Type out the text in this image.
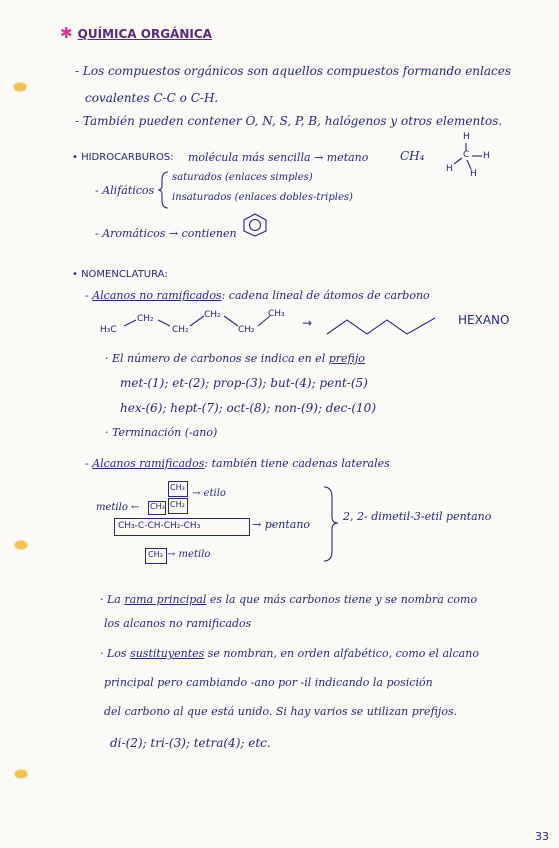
✱ QUÍMICA ORGÁNICA
- Los compuestos orgánicos son aquellos compuestos formando enlaces
covalentes C-C o C-H.
- También pueden contener O, N, S, P, B, halógenos y otros elementos.
• HIDROCARBUROS: molécula más sencilla → metano	CH₄
H
C H
H H
- Alifáticos
saturados (enlaces simples)
insaturados (enlaces dobles-triples)
- Aromáticos → contienen
• NOMENCLATURA:
- Alcanos no ramificados: cadena lineal de átomos de carbono
H₃C
CH₂
CH₂
CH₂
CH₂
CH₃
→	HEXANO
· El número de carbonos se indica en el prefijo
met-(1); et-(2); prop-(3); but-(4); pent-(5)
hex-(6); hept-(7); oct-(8); non-(9); dec-(10)
· Terminación (-ano)
- Alcanos ramificados: también tiene cadenas laterales
CH₃
→ etilo
metilo ← CH₃ CH₂
CH₃-C-CH-CH₂-CH₃	→ pentano
CH₃ → metilo
2, 2- dimetil-3-etil pentano
· La rama principal es la que más carbonos tiene y se nombra como
los alcanos no ramificados
· Los sustituyentes se nombran, en orden alfabético, como el alcano
principal pero cambiando -ano por -il indicando la posición
del carbono al que está unido. Si hay varios se utilizan prefijos.
di-(2); tri-(3); tetra(4); etc.
33
